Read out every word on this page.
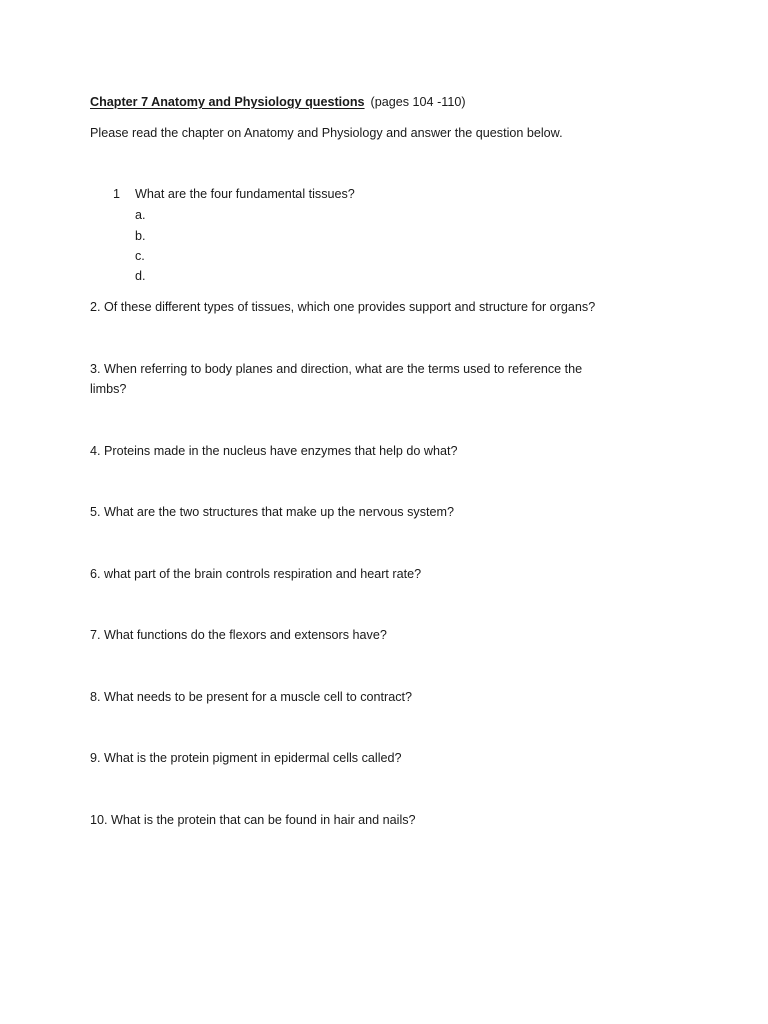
Chapter 7 Anatomy and Physiology questions (pages 104 -110)
Please read the chapter on Anatomy and Physiology and answer the question below.
1 What are the four fundamental tissues?
a.
b.
c.
d.
2. Of these different types of tissues, which one provides support and structure for organs?
3. When referring to body planes and direction, what are the terms used to reference the
limbs?
4. Proteins made in the nucleus have enzymes that help do what?
5. What are the two structures that make up the nervous system?
6. what part of the brain controls respiration and heart rate?
7. What functions do the flexors and extensors have?
8. What needs to be present for a muscle cell to contract?
9. What is the protein pigment in epidermal cells called?
10. What is the protein that can be found in hair and nails?
